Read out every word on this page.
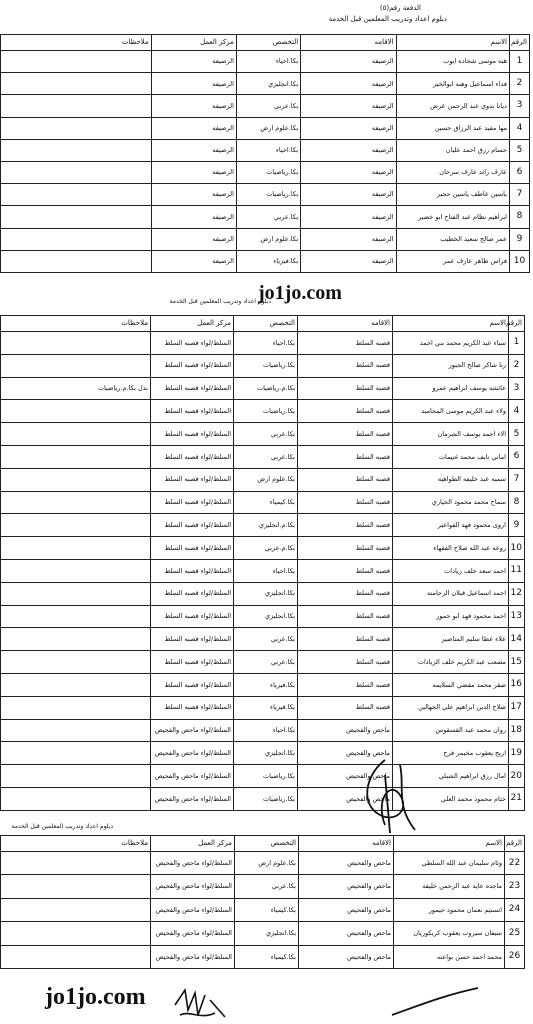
الدفعة رقم(٥)
دبلوم اعداد وتدريب المعلمين قبل الخدمة
الرقم	الاسم	الاقامه	التخصص	مركز العمل	ملاحظات
1	هبه موسى شحاده ايوب	الرصيفه	بكا.احياء	الرصيفه	
2	فداء اسماعيل وهبه ابوالخير	الرصيفه	بكا.انجليزي	الرصيفه	
3	ديانا بدوي عبد الرحمن عرض	الرصيفه	بكا.عربي	الرصيفه	
4	مها مفيد عبد الرزاق حسين	الرصيفه	بكا.علوم ارض	الرصيفه	
5	حسام رزق احمد عليان	الرصيفه	بكا.احياء	الرصيفه	
6	عارف رائد عارف سرحان	الرصيفه	بكا.رياضيات	الرصيفه	
7	ياسين عاطف ياسين حجير	الرصيفه	بكا.رياضيات	الرصيفه	
8	ابراهيم نظام عبد الفتاح ابو خضير	الرصيفه	بكا.عربي	الرصيفه	
9	عمر صالح سعيد الخطيب	الرصيفه	بكا.علوم ارض	الرصيفه	
10	فراس طاهر عارف عمر	الرصيفه	بكا.فيزياء	الرصيفه	
دبلوم اعداد وتدريب المعلمين قبل الخدمة
jo1jo.com
الرقم	الاسم	الاقامه	التخصص	مركز العمل	ملاحظات
1	سناء عبد الكريم محمد بني احمد	قصبه السلط	بكا.احياء	السلط/لواء قصبه السلط	
2	رنا شاكر صالح الجبور	قصبه السلط	بكا.رياضيات	السلط/لواء قصبه السلط	
3	عائشه يوسف ابراهيم عمرو	قصبه السلط	بكا.م.رياضيات	السلط/لواء قصبه السلط	بدل بكا.م.رياضيات
4	ولاء عبد الكريم موسى المحاميد	قصبه السلط	بكا.رياضيات	السلط/لواء قصبه السلط	
5	الاء احمد يوسف الشرمان	قصبه السلط	بكا.عربي	السلط/لواء قصبه السلط	
6	اماني نايف محمد غنيمات	قصبه السلط	بكا.عربي	السلط/لواء قصبه السلط	
7	سميه عبد خليفه الطواهيه	قصبه السلط	بكا.علوم ارض	السلط/لواء قصبه السلط	
8	سماح محمد محمود الحياري	قصبه السلط	بكا.كيمياء	السلط/لواء قصبه السلط	
9	اروى محمود فهد الفواعير	قصبه السلط	بكا.م.انجليزي	السلط/لواء قصبه السلط	
10	روعه عبد الله صلاح الفقهاء	قصبه السلط	بكا.م.عربي	السلط/لواء قصبه السلط	
11	احمد سعد خلف زيادات	قصبه السلط	بكا.احياء	السلط/لواء قصبه السلط	
12	احمد اسماعيل قبلان الرحامنه	قصبه السلط	بكا.انجليزي	السلط/لواء قصبه السلط	
13	احمد محمود فهد ابو حمور	قصبه السلط	بكا.انجليزي	السلط/لواء قصبه السلط	
14	علاء عطا سليم المناصير	قصبه السلط	بكا.عربي	السلط/لواء قصبه السلط	
15	مصعب عبد الكريم خلف الزيادات	قصبه السلط	بكا.عربي	السلط/لواء قصبه السلط	
16	صقر محمد مفضي السلايمه	قصبه السلط	بكا.فيزياء	السلط/لواء قصبه السلط	
17	صلاح الدين ابراهيم علي الجهالين	قصبه السلط	بكا.فيزياء	السلط/لواء قصبه السلط	
18	روان محمد عبد القسقوس	ماحص والفحيص	بكا.احياء	السلط/لواء ماحص والفحيص	
19	اريج يعقوب مخيمر فرح	ماحص والفحيص	بكا.انجليزي	السلط/لواء ماحص والفحيص	
20	امال رزق ابراهيم الشبلي	ماحص والفحيص	بكا.رياضيات	السلط/لواء ماحص والفحيص	
21	ختام محمود محمد العلي	ماحص والفحيص	بكا.رياضيات	السلط/لواء ماحص والفحيص	
دبلوم اعداد وتدريب المعلمين قبل الخدمة
الرقم	الاسم	الاقامه	التخصص	مركز العمل	ملاحظات
22	وئام سليمان عبد الله السلطي	ماحص والفحيص	بكا.علوم ارض	السلط/لواء ماحص والفحيص	
23	ماجده عايد عبد الرحمن خليفه	ماحص والفحيص	بكا.عربي	السلط/لواء ماحص والفحيص	
24	انستيم نعمان محمود حيمور	ماحص والفحيص	بكا.كيمياء	السلط/لواء ماحص والفحيص	
25	سيفان سيروب يعقوب كريكوريان	ماحص والفحيص	بكا.انجليزي	السلط/لواء ماحص والفحيص	
26	محمد احمد حسن بواعنه	ماحص والفحيص	بكا.كيمياء	السلط/لواء ماحص والفحيص	
jo1jo.com
